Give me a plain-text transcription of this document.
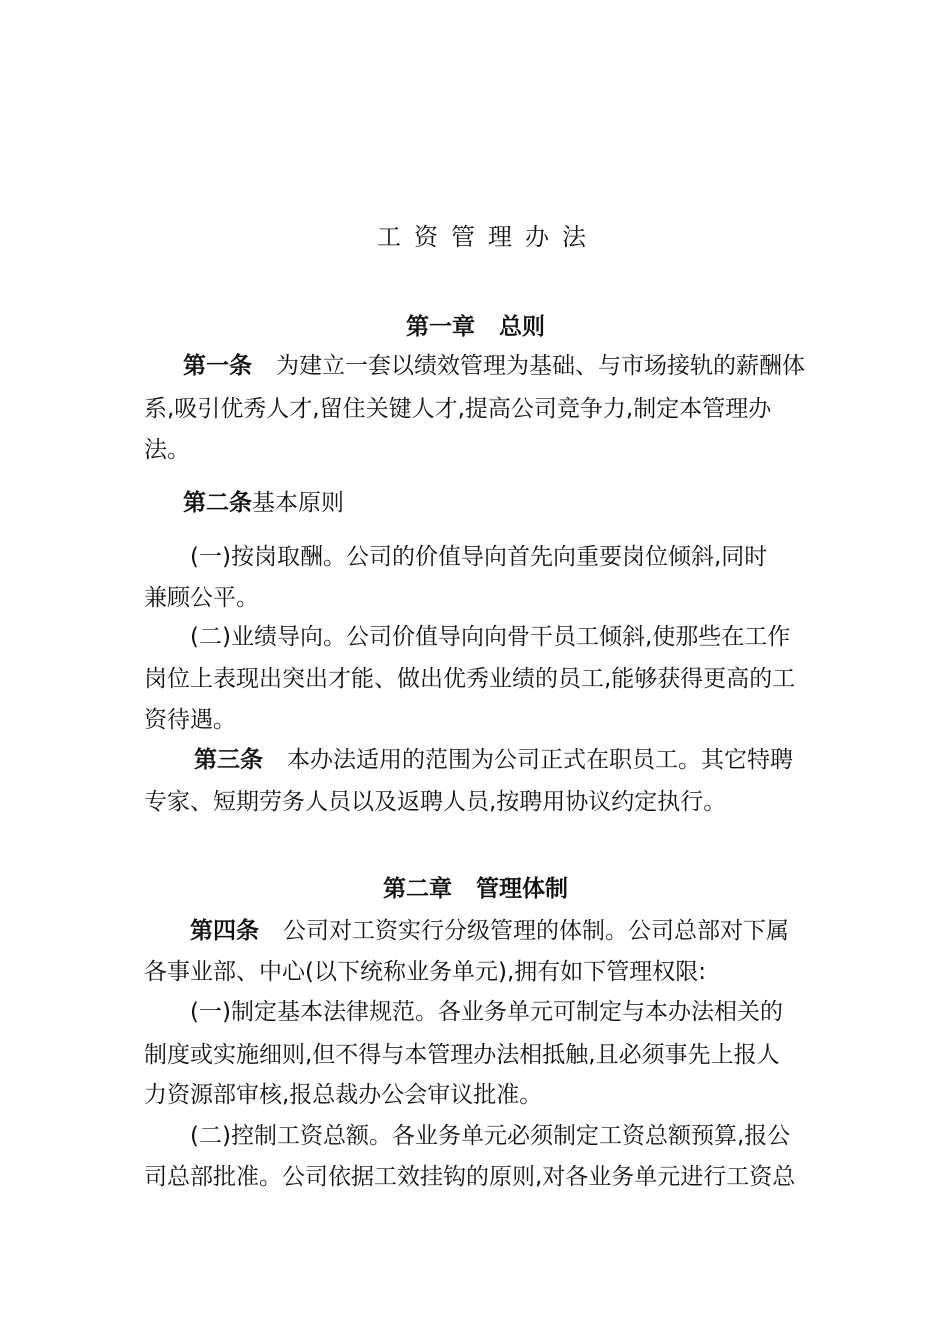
工资管理办法
第一章 总则
第一条 为建立一套以绩效管理为基础、与市场接轨的薪酬体
系,吸引优秀人才,留住关键人才,提高公司竞争力,制定本管理办
法。
第二条基本原则
(一)按岗取酬。公司的价值导向首先向重要岗位倾斜,同时
兼顾公平。
(二)业绩导向。公司价值导向向骨干员工倾斜,使那些在工作
岗位上表现出突出才能、做出优秀业绩的员工,能够获得更高的工
资待遇。
第三条 本办法适用的范围为公司正式在职员工。其它特聘
专家、短期劳务人员以及返聘人员,按聘用协议约定执行。
第二章 管理体制
第四条 公司对工资实行分级管理的体制。公司总部对下属
各事业部、中心(以下统称业务单元),拥有如下管理权限:
(一)制定基本法律规范。各业务单元可制定与本办法相关的
制度或实施细则,但不得与本管理办法相抵触,且必须事先上报人
力资源部审核,报总裁办公会审议批准。
(二)控制工资总额。各业务单元必须制定工资总额预算,报公
司总部批准。公司依据工效挂钩的原则,对各业务单元进行工资总
